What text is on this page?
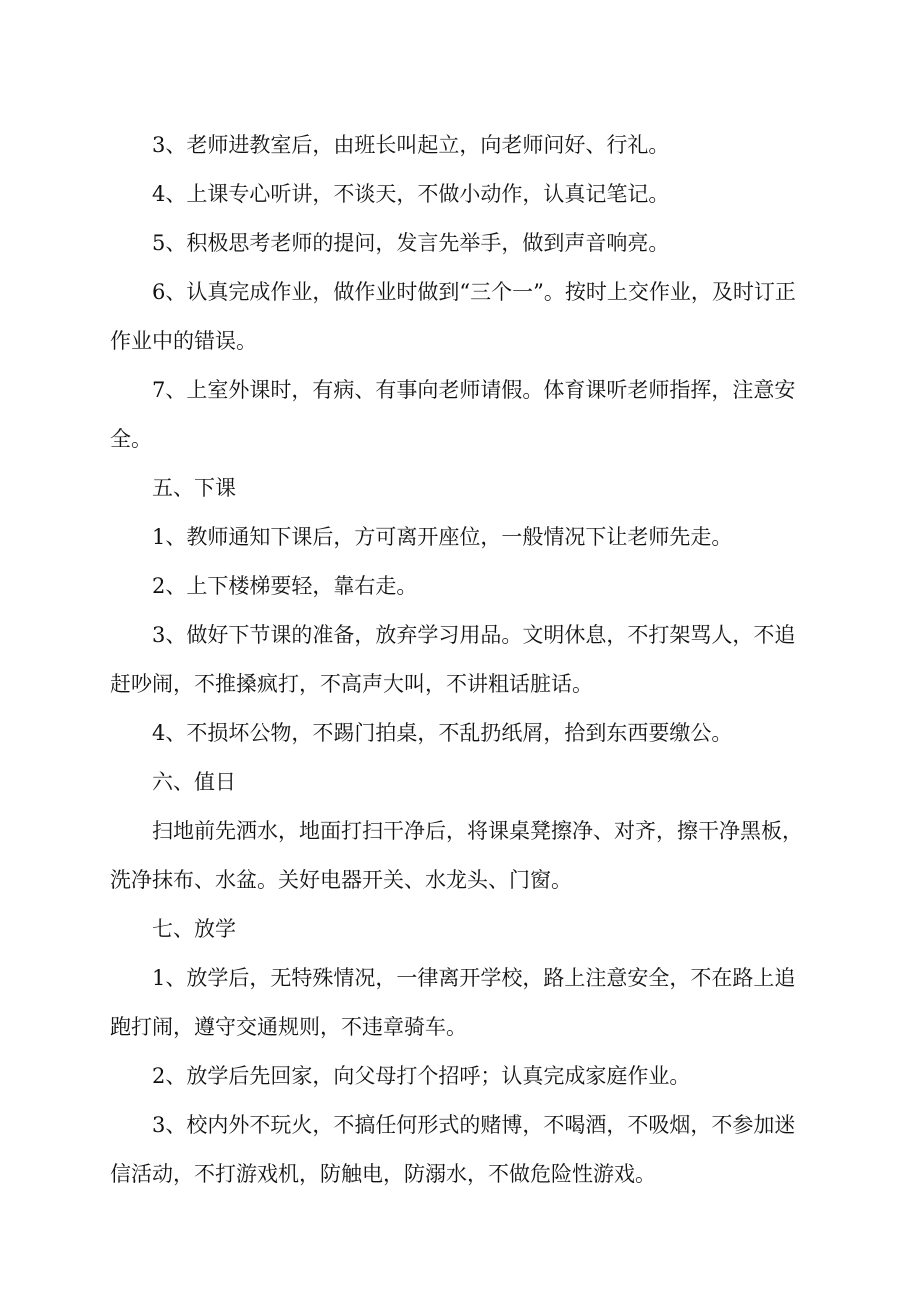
3、老师进教室后，由班长叫起立，向老师问好、行礼。

4、上课专心听讲，不谈天，不做小动作，认真记笔记。

5、积极思考老师的提问，发言先举手，做到声音响亮。

6、认真完成作业，做作业时做到“三个一”。按时上交作业，及时订正作业中的错误。

7、上室外课时，有病、有事向老师请假。体育课听老师指挥，注意安全。

五、下课

1、教师通知下课后，方可离开座位，一般情况下让老师先走。

2、上下楼梯要轻，靠右走。

3、做好下节课的准备，放弃学习用品。文明休息，不打架骂人，不追赶吵闹，不推搡疯打，不高声大叫，不讲粗话脏话。

4、不损坏公物，不踢门拍桌，不乱扔纸屑，拾到东西要缴公。

六、值日

扫地前先洒水，地面打扫干净后，将课桌凳擦净、对齐，擦干净黑板，洗净抹布、水盆。关好电器开关、水龙头、门窗。

七、放学

1、放学后，无特殊情况，一律离开学校，路上注意安全，不在路上追跑打闹，遵守交通规则，不违章骑车。

2、放学后先回家，向父母打个招呼；认真完成家庭作业。

3、校内外不玩火，不搞任何形式的赌博，不喝酒，不吸烟，不参加迷信活动，不打游戏机，防触电，防溺水，不做危险性游戏。
